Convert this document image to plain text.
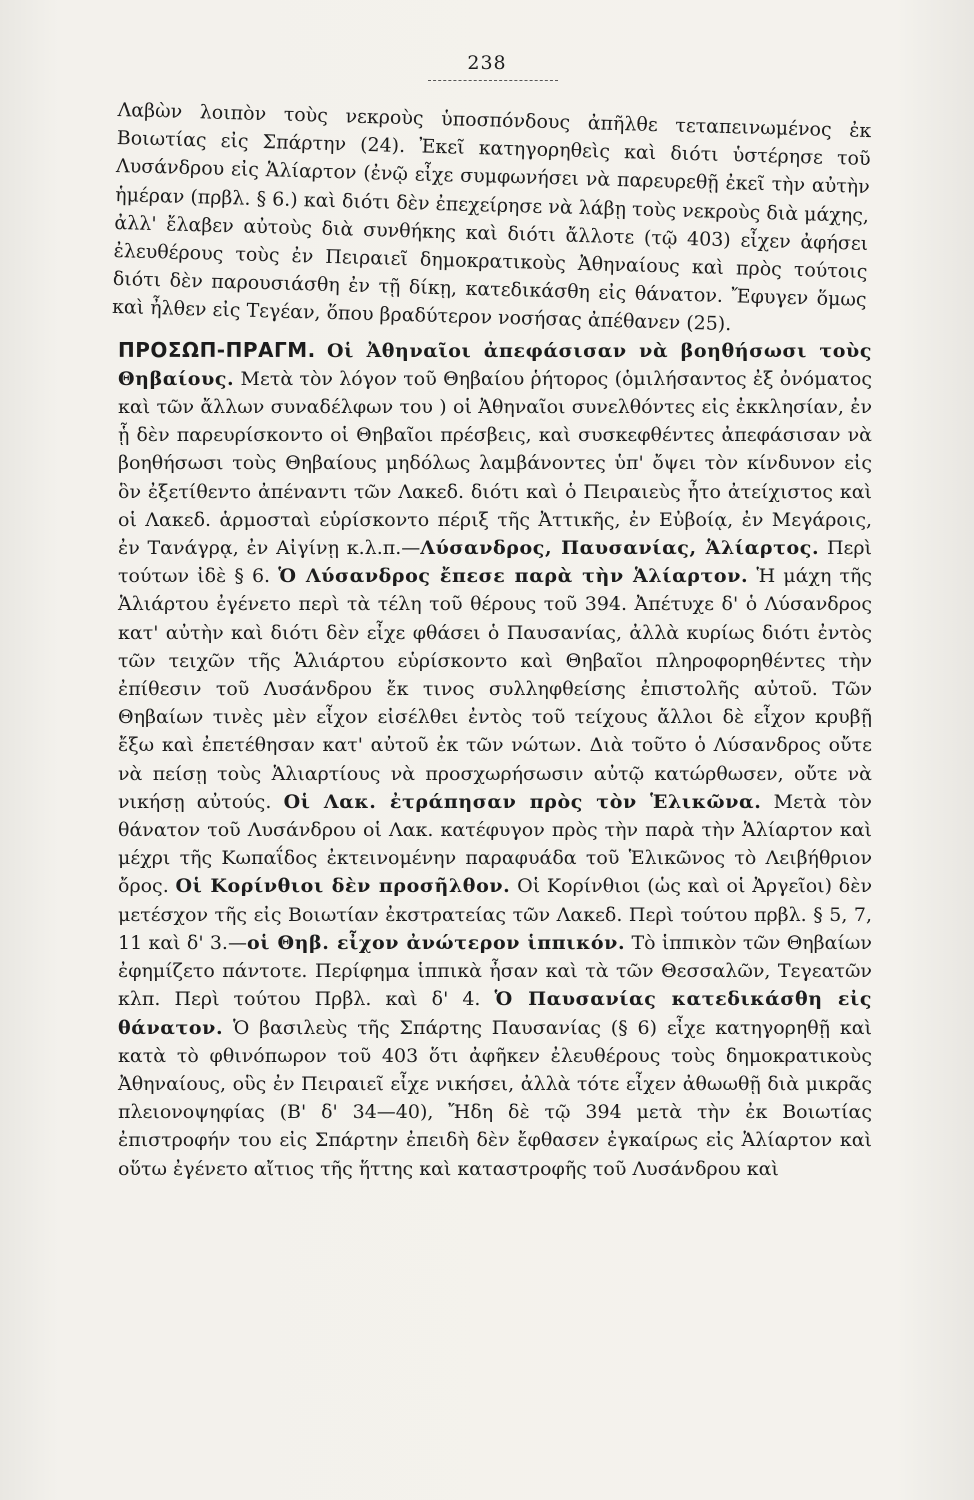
238

Λαβὼν λοιπὸν τοὺς νεκροὺς ὑποσπόνδους ἀπῆλθε τεταπεινωμένος ἐκ Βοιωτίας εἰς Σπάρτην (24). Ἐκεῖ κατηγορηθεὶς καὶ διότι ὑστέρησε τοῦ Λυσάνδρου εἰς Ἁλίαρτον (ἐνῷ εἶχε συμφωνήσει νὰ παρευρεθῇ ἐκεῖ τὴν αὐτὴν ἡμέραν (πρβλ. § 6.) καὶ διότι δὲν ἐπεχείρησε νὰ λάβῃ τοὺς νεκροὺς διὰ μάχης, ἀλλ' ἔλαβεν αὐτοὺς διὰ συνθήκης καὶ διότι ἄλλοτε (τῷ 403) εἶχεν ἀφήσει ἐλευθέρους τοὺς ἐν Πειραιεῖ δημοκρατικοὺς Ἀθηναίους καὶ πρὸς τούτοις διότι δὲν παρουσιάσθη ἐν τῇ δίκῃ, κατεδικάσθη εἰς θάνατον. Ἔφυγεν ὅμως καὶ ἦλθεν εἰς Τεγέαν, ὅπου βραδύτερον νοσήσας ἀπέθανεν (25).

ΠΡΟΣΩΠ-ΠΡΑΓΜ. Οἱ Ἀθηναῖοι ἀπεφάσισαν νὰ βοηθήσωσι τοὺς Θηβαίους. Μετὰ τὸν λόγον τοῦ Θηβαίου ῥήτορος (ὁμιλήσαντος ἐξ ὀνόματος καὶ τῶν ἄλλων συναδέλφων του ) οἱ Ἀθηναῖοι συνελθόντες εἰς ἐκκλησίαν, ἐν ᾗ δὲν παρευρίσκοντο οἱ Θηβαῖοι πρέσβεις, καὶ συσκεφθέντες ἀπεφάσισαν νὰ βοηθήσωσι τοὺς Θηβαίους μηδόλως λαμβάνοντες ὑπ' ὄψει τὸν κίνδυνον εἰς ὃν ἐξετίθεντο ἀπέναντι τῶν Λακεδ. διότι καὶ ὁ Πειραιεὺς ἦτο ἀτείχιστος καὶ οἱ Λακεδ. ἁρμοσταὶ εὑρίσκοντο πέριξ τῆς Ἀττικῆς, ἐν Εὐβοίᾳ, ἐν Μεγάροις, ἐν Τανάγρᾳ, ἐν Αἰγίνῃ κ.λ.π.—Λύσανδρος, Παυσανίας, Ἁλίαρτος. Περὶ τούτων ἰδὲ § 6. Ὁ Λύσανδρος ἔπεσε παρὰ τὴν Ἁλίαρτον. Ἡ μάχη τῆς Ἁλιάρτου ἐγένετο περὶ τὰ τέλη τοῦ θέρους τοῦ 394. Ἀπέτυχε δ' ὁ Λύσανδρος κατ' αὐτὴν καὶ διότι δὲν εἶχε φθάσει ὁ Παυσανίας, ἀλλὰ κυρίως διότι ἐντὸς τῶν τειχῶν τῆς Ἁλιάρτου εὑρίσκοντο καὶ Θηβαῖοι πληροφορηθέντες τὴν ἐπίθεσιν τοῦ Λυσάνδρου ἔκ τινος συλληφθείσης ἐπιστολῆς αὐτοῦ. Τῶν Θηβαίων τινὲς μὲν εἶχον εἰσέλθει ἐντὸς τοῦ τείχους ἄλλοι δὲ εἶχον κρυβῇ ἔξω καὶ ἐπετέθησαν κατ' αὐτοῦ ἐκ τῶν νώτων. Διὰ τοῦτο ὁ Λύσανδρος οὔτε νὰ πείσῃ τοὺς Ἁλιαρτίους νὰ προσχωρήσωσιν αὐτῷ κατώρθωσεν, οὔτε νὰ νικήσῃ αὐτούς. Οἱ Λακ. ἐτράπησαν πρὸς τὸν Ἑλικῶνα. Μετὰ τὸν θάνατον τοῦ Λυσάνδρου οἱ Λακ. κατέφυγον πρὸς τὴν παρὰ τὴν Ἁλίαρτον καὶ μέχρι τῆς Κωπαΐδος ἐκτεινομένην παραφυάδα τοῦ Ἑλικῶνος τὸ Λειβήθριον ὄρος. Οἱ Κορίνθιοι δὲν προσῆλθον. Οἱ Κορίνθιοι (ὡς καὶ οἱ Ἀργεῖοι) δὲν μετέσχον τῆς εἰς Βοιωτίαν ἐκστρατείας τῶν Λακεδ. Περὶ τούτου πρβλ. § 5, 7, 11 καὶ δ' 3.—οἱ Θηβ. εἶχον ἀνώτερον ἱππικόν. Τὸ ἱππικὸν τῶν Θηβαίων ἐφημίζετο πάντοτε. Περίφημα ἱππικὰ ἦσαν καὶ τὰ τῶν Θεσσαλῶν, Τεγεατῶν κλπ. Περὶ τούτου Πρβλ. καὶ δ' 4. Ὁ Παυσανίας κατεδικάσθη εἰς θάνατον. Ὁ βασιλεὺς τῆς Σπάρτης Παυσανίας (§ 6) εἶχε κατηγορηθῇ καὶ κατὰ τὸ φθινόπωρον τοῦ 403 ὅτι ἀφῆκεν ἐλευθέρους τοὺς δημοκρατικοὺς Ἀθηναίους, οὓς ἐν Πειραιεῖ εἶχε νικήσει, ἀλλὰ τότε εἶχεν ἀθωωθῇ διὰ μικρᾶς πλειονοψηφίας (Β' δ' 34—40), Ἤδη δὲ τῷ 394 μετὰ τὴν ἐκ Βοιωτίας ἐπιστροφήν του εἰς Σπάρτην ἐπειδὴ δὲν ἔφθασεν ἐγκαίρως εἰς Ἁλίαρτον καὶ οὕτω ἐγένετο αἴτιος τῆς ἥττης καὶ καταστροφῆς τοῦ Λυσάνδρου καὶ
